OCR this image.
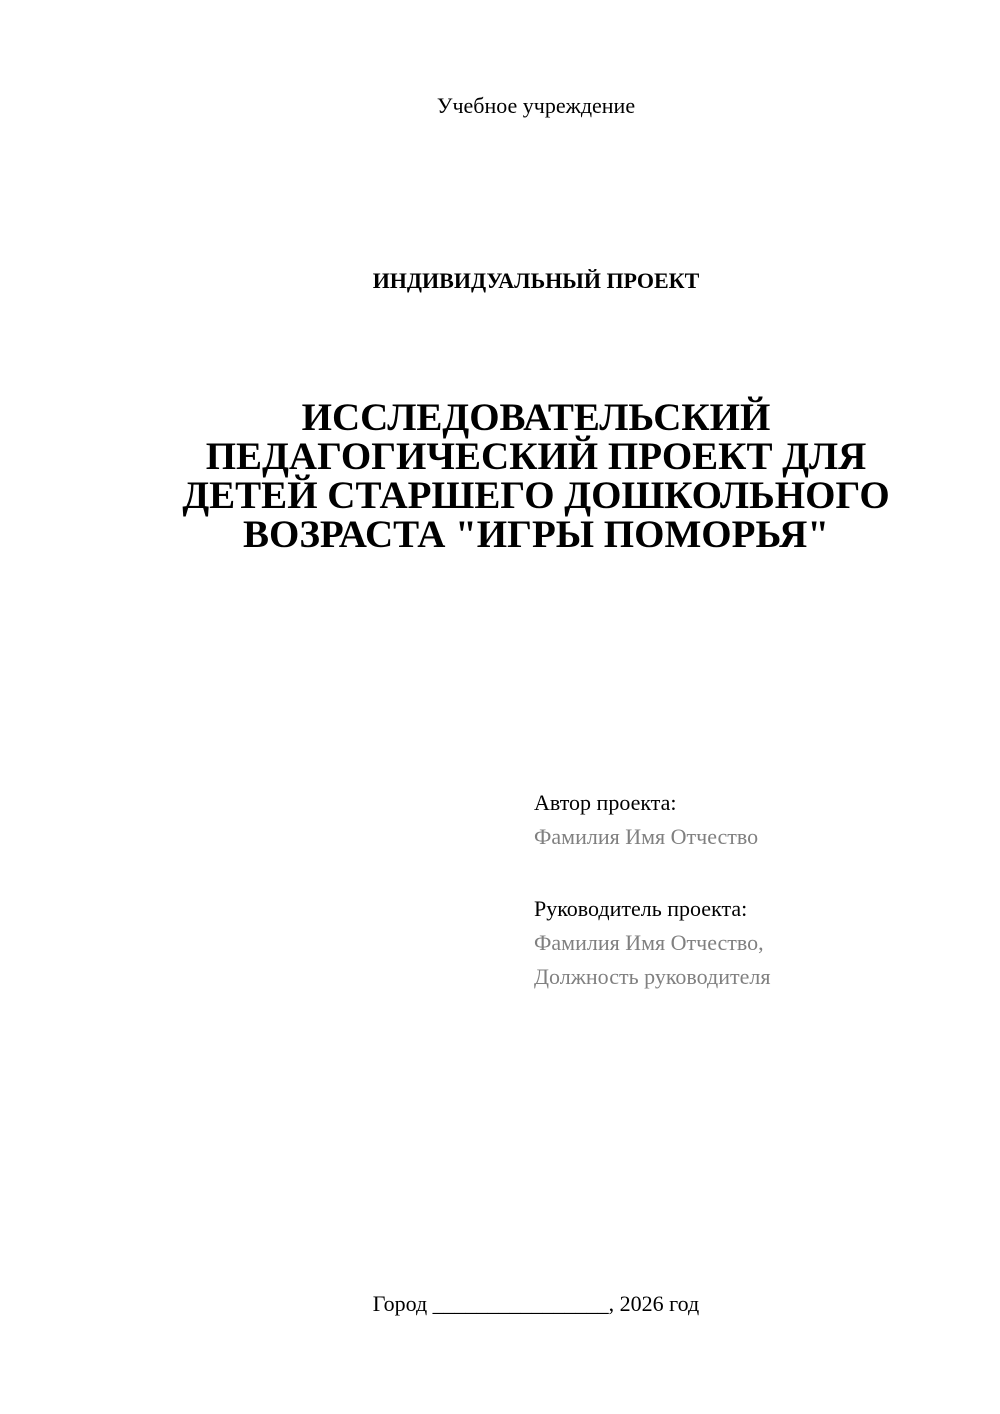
Учебное учреждение
ИНДИВИДУАЛЬНЫЙ ПРОЕКТ
ИССЛЕДОВАТЕЛЬСКИЙ
ПЕДАГОГИЧЕСКИЙ ПРОЕКТ ДЛЯ
ДЕТЕЙ СТАРШЕГО ДОШКОЛЬНОГО
ВОЗРАСТА "ИГРЫ ПОМОРЬЯ"
Автор проекта:
Фамилия Имя Отчество
Руководитель проекта:
Фамилия Имя Отчество,
Должность руководителя
Город ________________, 2026 год
